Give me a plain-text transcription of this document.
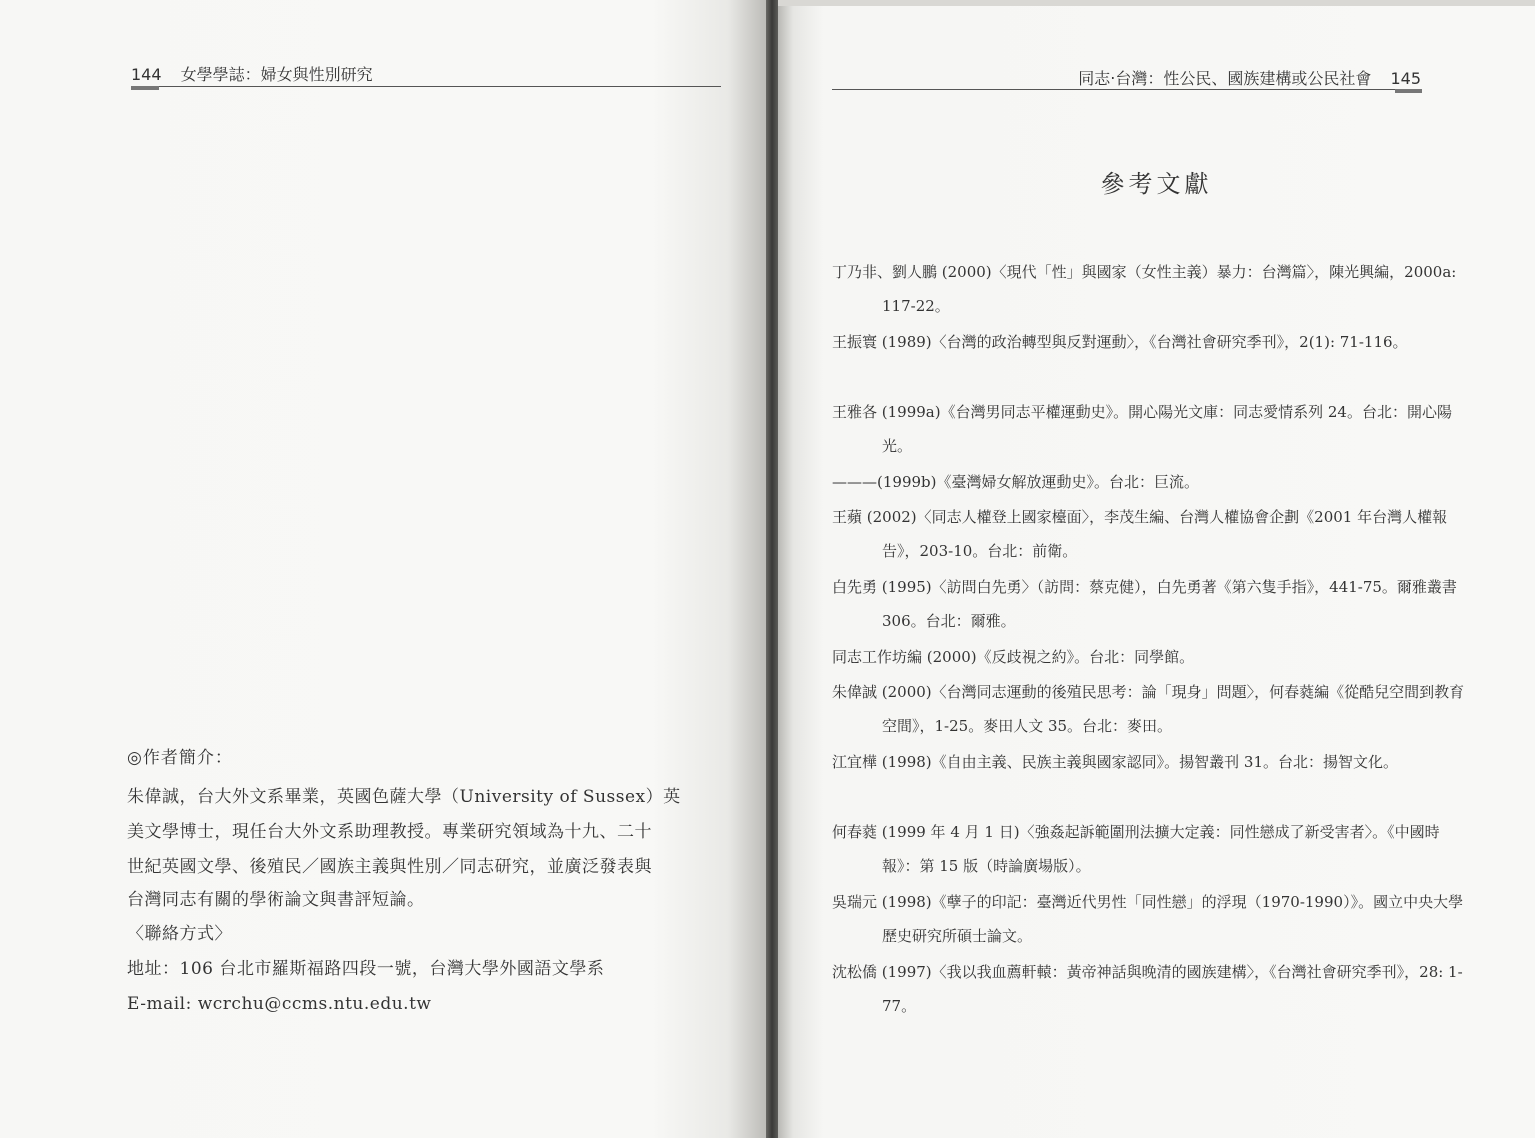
144 女學學誌：婦女與性別研究
◎作者簡介：
朱偉誠，台大外文系畢業，英國色薩大學（University of Sussex）英
美文學博士，現任台大外文系助理教授。專業研究領域為十九、二十
世紀英國文學、後殖民／國族主義與性別／同志研究，並廣泛發表與
台灣同志有關的學術論文與書評短論。
〈聯絡方式〉
地址：106 台北市羅斯福路四段一號，台灣大學外國語文學系
E-mail: wcrchu@ccms.ntu.edu.tw
同志‧台灣：性公民、國族建構或公民社會 145
參考文獻
丁乃非、劉人鵬 (2000)〈現代「性」與國家（女性主義）暴力：台灣篇〉，陳光興編，2000a: 117-22。
王振寰 (1989)〈台灣的政治轉型與反對運動〉，《台灣社會研究季刊》，2(1): 71-116。
王雅各 (1999a)《台灣男同志平權運動史》。開心陽光文庫：同志愛情系列 24。台北：開心陽光。
———(1999b)《臺灣婦女解放運動史》。台北：巨流。
王蘋 (2002)〈同志人權登上國家檯面〉，李茂生編、台灣人權協會企劃《2001 年台灣人權報告》，203-10。台北：前衛。
白先勇 (1995)〈訪問白先勇〉（訪問：蔡克健），白先勇著《第六隻手指》，441-75。爾雅叢書 306。台北：爾雅。
同志工作坊編 (2000)《反歧視之約》。台北：同學館。
朱偉誠 (2000)〈台灣同志運動的後殖民思考：論「現身」問題〉，何春蕤編《從酷兒空間到教育空間》，1-25。麥田人文 35。台北：麥田。
江宜樺 (1998)《自由主義、民族主義與國家認同》。揚智叢刊 31。台北：揚智文化。
何春蕤 (1999 年 4 月 1 日)〈強姦起訴範圍刑法擴大定義：同性戀成了新受害者〉。《中國時報》：第 15 版（時論廣場版）。
吳瑞元 (1998)《孽子的印記：臺灣近代男性「同性戀」的浮現（1970-1990）》。國立中央大學歷史研究所碩士論文。
沈松僑 (1997)〈我以我血薦軒轅：黃帝神話與晚清的國族建構〉，《台灣社會研究季刊》，28: 1-77。
